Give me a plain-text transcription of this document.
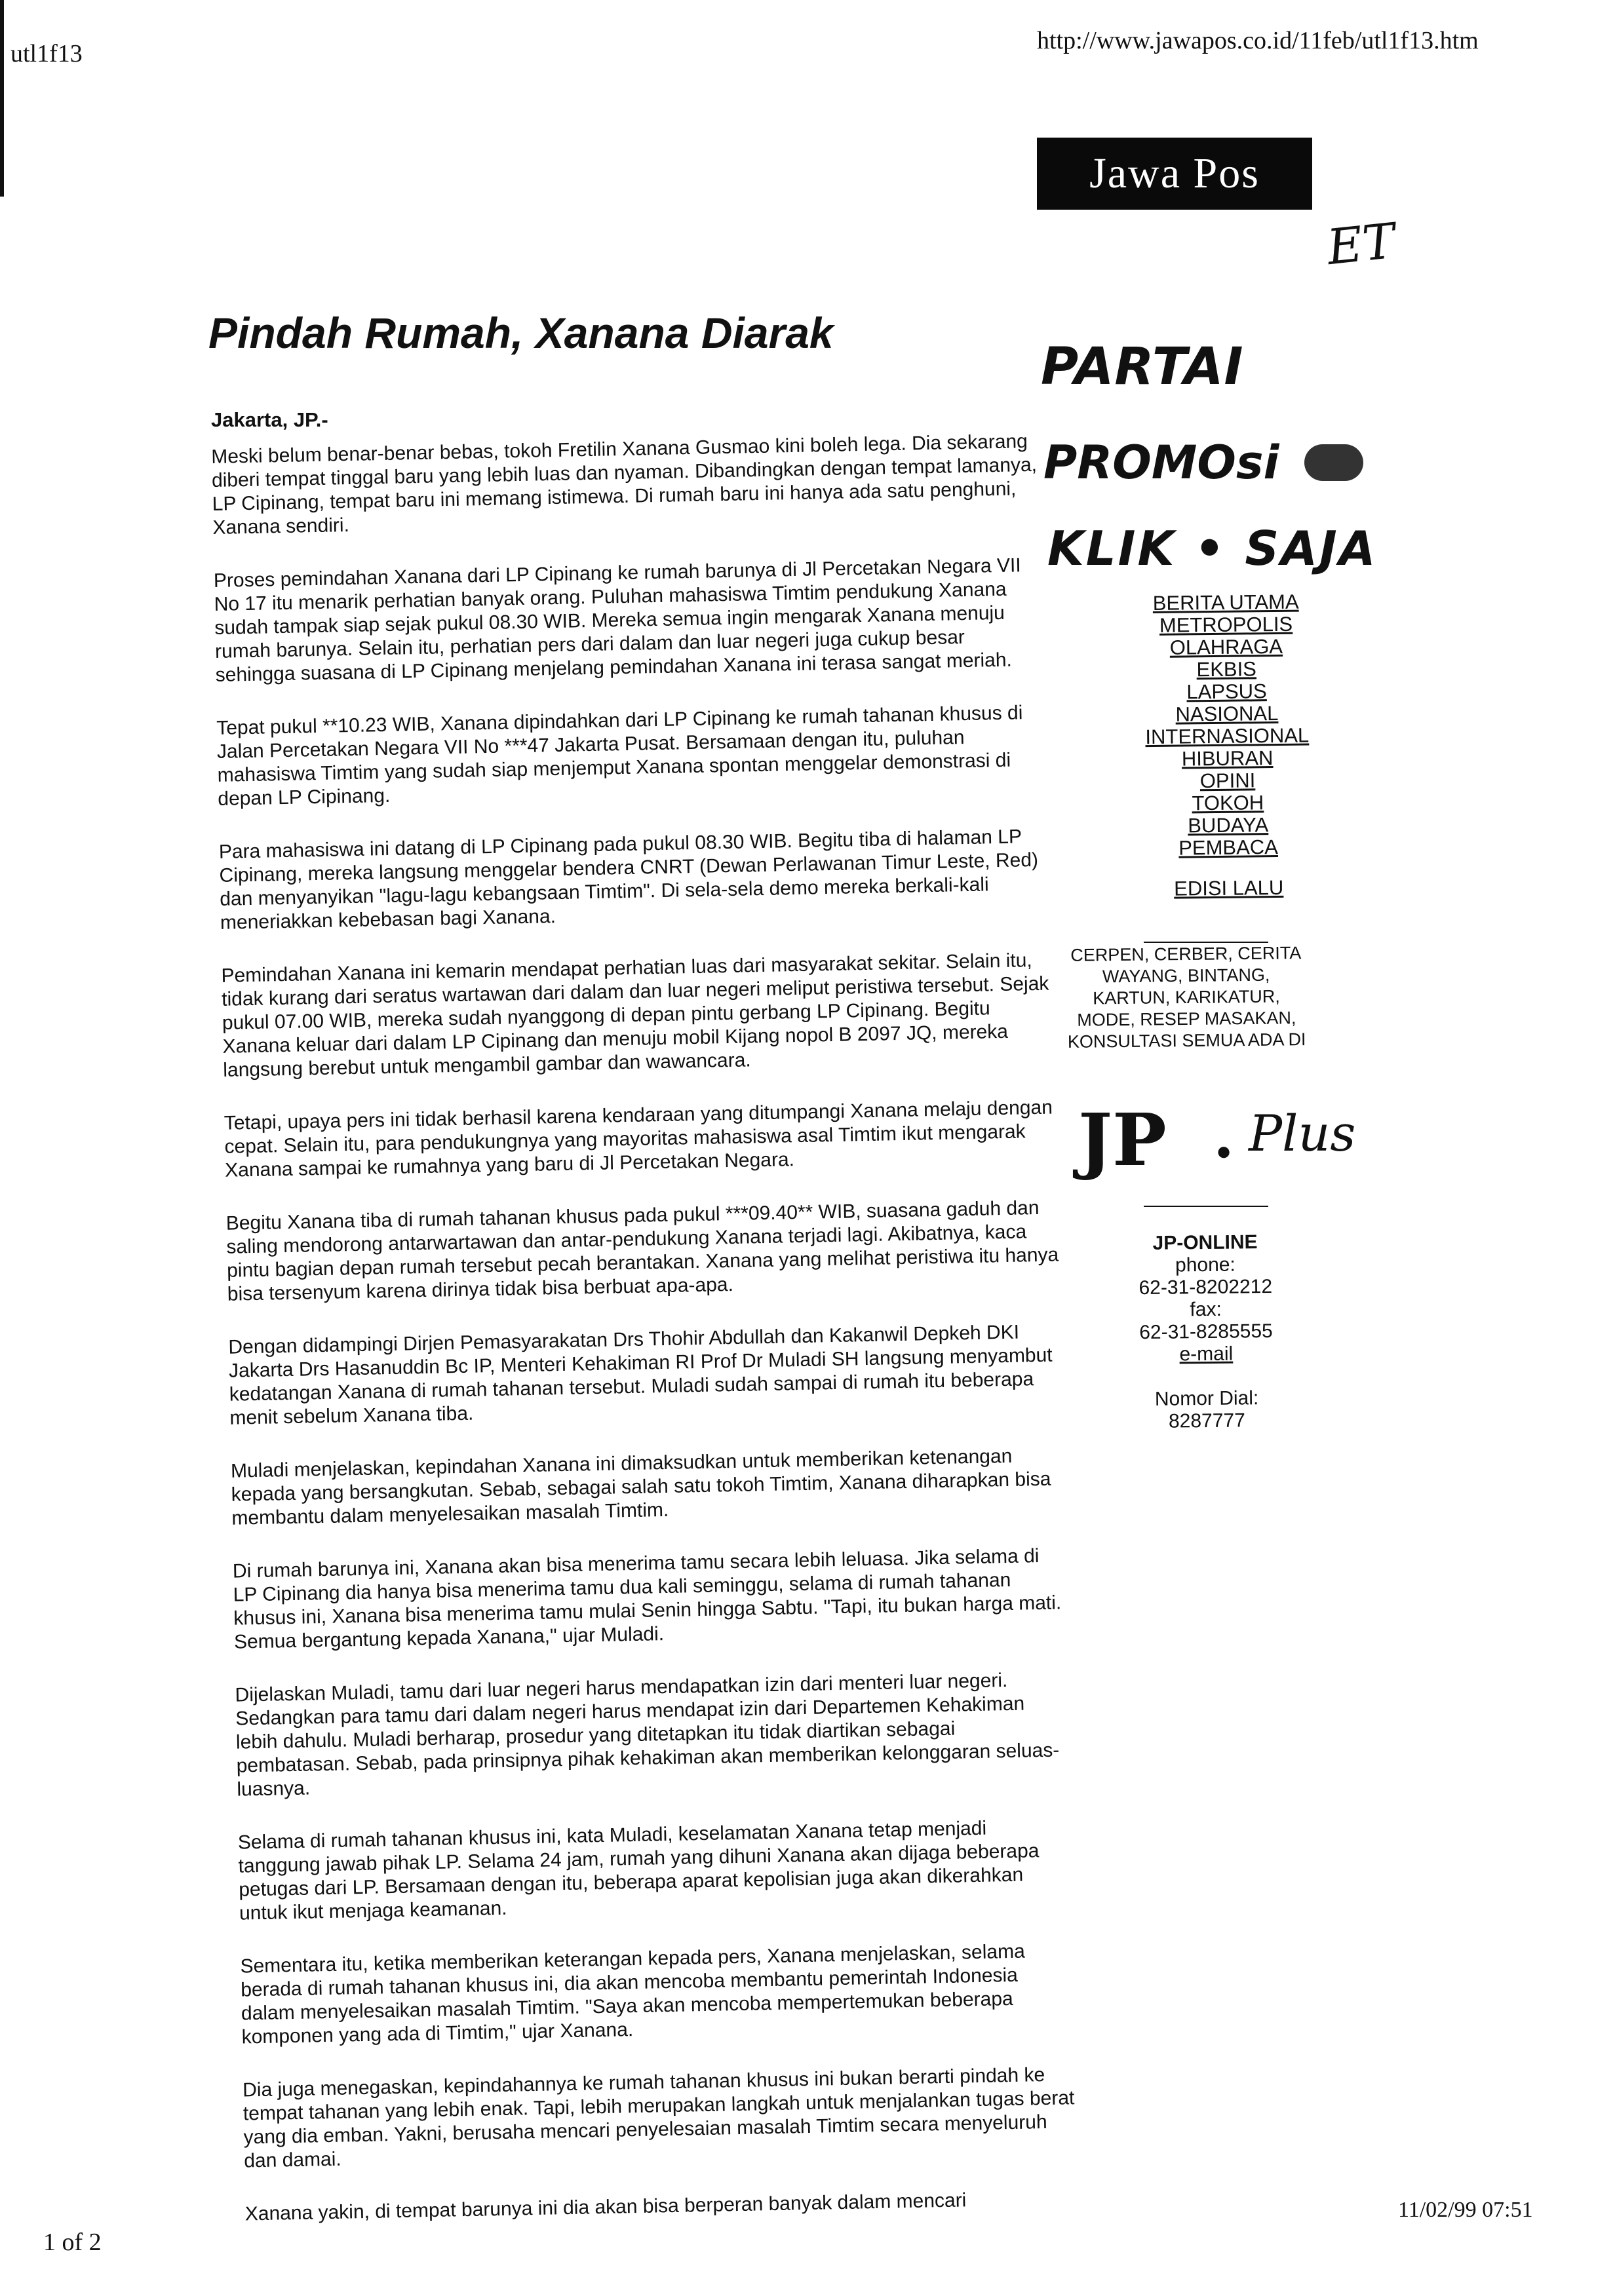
utl1f13	http://www.jawapos.co.id/11feb/utl1f13.htm
Jawa Pos
ET
Pindah Rumah, Xanana Diarak
Jakarta, JP.-

Meski belum benar-benar bebas, tokoh Fretilin Xanana Gusmao kini boleh lega. Dia sekarang diberi tempat tinggal baru yang lebih luas dan nyaman. Dibandingkan dengan tempat lamanya, LP Cipinang, tempat baru ini memang istimewa. Di rumah baru ini hanya ada satu penghuni, Xanana sendiri.

Proses pemindahan Xanana dari LP Cipinang ke rumah barunya di Jl Percetakan Negara VII No 17 itu menarik perhatian banyak orang. Puluhan mahasiswa Timtim pendukung Xanana sudah tampak siap sejak pukul 08.30 WIB. Mereka semua ingin mengarak Xanana menuju rumah barunya. Selain itu, perhatian pers dari dalam dan luar negeri juga cukup besar sehingga suasana di LP Cipinang menjelang pemindahan Xanana ini terasa sangat meriah.

Tepat pukul **10.23 WIB, Xanana dipindahkan dari LP Cipinang ke rumah tahanan khusus di Jalan Percetakan Negara VII No ***47 Jakarta Pusat. Bersamaan dengan itu, puluhan mahasiswa Timtim yang sudah siap menjemput Xanana spontan menggelar demonstrasi di depan LP Cipinang.

Para mahasiswa ini datang di LP Cipinang pada pukul 08.30 WIB. Begitu tiba di halaman LP Cipinang, mereka langsung menggelar bendera CNRT (Dewan Perlawanan Timur Leste, Red) dan menyanyikan "lagu-lagu kebangsaan Timtim". Di sela-sela demo mereka berkali-kali meneriakkan kebebasan bagi Xanana.

Pemindahan Xanana ini kemarin mendapat perhatian luas dari masyarakat sekitar. Selain itu, tidak kurang dari seratus wartawan dari dalam dan luar negeri meliput peristiwa tersebut. Sejak pukul 07.00 WIB, mereka sudah nyanggong di depan pintu gerbang LP Cipinang. Begitu Xanana keluar dari dalam LP Cipinang dan menuju mobil Kijang nopol B 2097 JQ, mereka langsung berebut untuk mengambil gambar dan wawancara.

Tetapi, upaya pers ini tidak berhasil karena kendaraan yang ditumpangi Xanana melaju dengan cepat. Selain itu, para pendukungnya yang mayoritas mahasiswa asal Timtim ikut mengarak Xanana sampai ke rumahnya yang baru di Jl Percetakan Negara.

Begitu Xanana tiba di rumah tahanan khusus pada pukul ***09.40** WIB, suasana gaduh dan saling mendorong antarwartawan dan antar-pendukung Xanana terjadi lagi. Akibatnya, kaca pintu bagian depan rumah tersebut pecah berantakan. Xanana yang melihat peristiwa itu hanya bisa tersenyum karena dirinya tidak bisa berbuat apa-apa.

Dengan didampingi Dirjen Pemasyarakatan Drs Thohir Abdullah dan Kakanwil Depkeh DKI Jakarta Drs Hasanuddin Bc IP, Menteri Kehakiman RI Prof Dr Muladi SH langsung menyambut kedatangan Xanana di rumah tahanan tersebut. Muladi sudah sampai di rumah itu beberapa menit sebelum Xanana tiba.

Muladi menjelaskan, kepindahan Xanana ini dimaksudkan untuk memberikan ketenangan kepada yang bersangkutan. Sebab, sebagai salah satu tokoh Timtim, Xanana diharapkan bisa membantu dalam menyelesaikan masalah Timtim.

Di rumah barunya ini, Xanana akan bisa menerima tamu secara lebih leluasa. Jika selama di LP Cipinang dia hanya bisa menerima tamu dua kali seminggu, selama di rumah tahanan khusus ini, Xanana bisa menerima tamu mulai Senin hingga Sabtu. "Tapi, itu bukan harga mati. Semua bergantung kepada Xanana," ujar Muladi.

Dijelaskan Muladi, tamu dari luar negeri harus mendapatkan izin dari menteri luar negeri. Sedangkan para tamu dari dalam negeri harus mendapat izin dari Departemen Kehakiman lebih dahulu. Muladi berharap, prosedur yang ditetapkan itu tidak diartikan sebagai pembatasan. Sebab, pada prinsipnya pihak kehakiman akan memberikan kelonggaran seluas-luasnya.

Selama di rumah tahanan khusus ini, kata Muladi, keselamatan Xanana tetap menjadi tanggung jawab pihak LP. Selama 24 jam, rumah yang dihuni Xanana akan dijaga beberapa petugas dari LP. Bersamaan dengan itu, beberapa aparat kepolisian juga akan dikerahkan untuk ikut menjaga keamanan.

Sementara itu, ketika memberikan keterangan kepada pers, Xanana menjelaskan, selama berada di rumah tahanan khusus ini, dia akan mencoba membantu pemerintah Indonesia dalam menyelesaikan masalah Timtim. "Saya akan mencoba mempertemukan beberapa komponen yang ada di Timtim," ujar Xanana.

Dia juga menegaskan, kepindahannya ke rumah tahanan khusus ini bukan berarti pindah ke tempat tahanan yang lebih enak. Tapi, lebih merupakan langkah untuk menjalankan tugas berat yang dia emban. Yakni, berusaha mencari penyelesaian masalah Timtim secara menyeluruh dan damai.

Xanana yakin, di tempat barunya ini dia akan bisa berperan banyak dalam mencari

PARTAI
PROMOsi
KLIK • SAJA
BERITA UTAMA
METROPOLIS
OLAHRAGA
EKBIS
LAPSUS
NASIONAL
INTERNASIONAL
HIBURAN
OPINI
TOKOH
BUDAYA
PEMBACA
EDISI LALU
CERPEN, CERBER, CERITA WAYANG, BINTANG, KARTUN, KARIKATUR, MODE, RESEP MASAKAN, KONSULTASI SEMUA ADA DI
JP ● Plus
JP-ONLINE
phone:
62-31-8202212
fax:
62-31-8285555
e-mail
Nomor Dial:
8287777
1 of 2
11/02/99 07:51
